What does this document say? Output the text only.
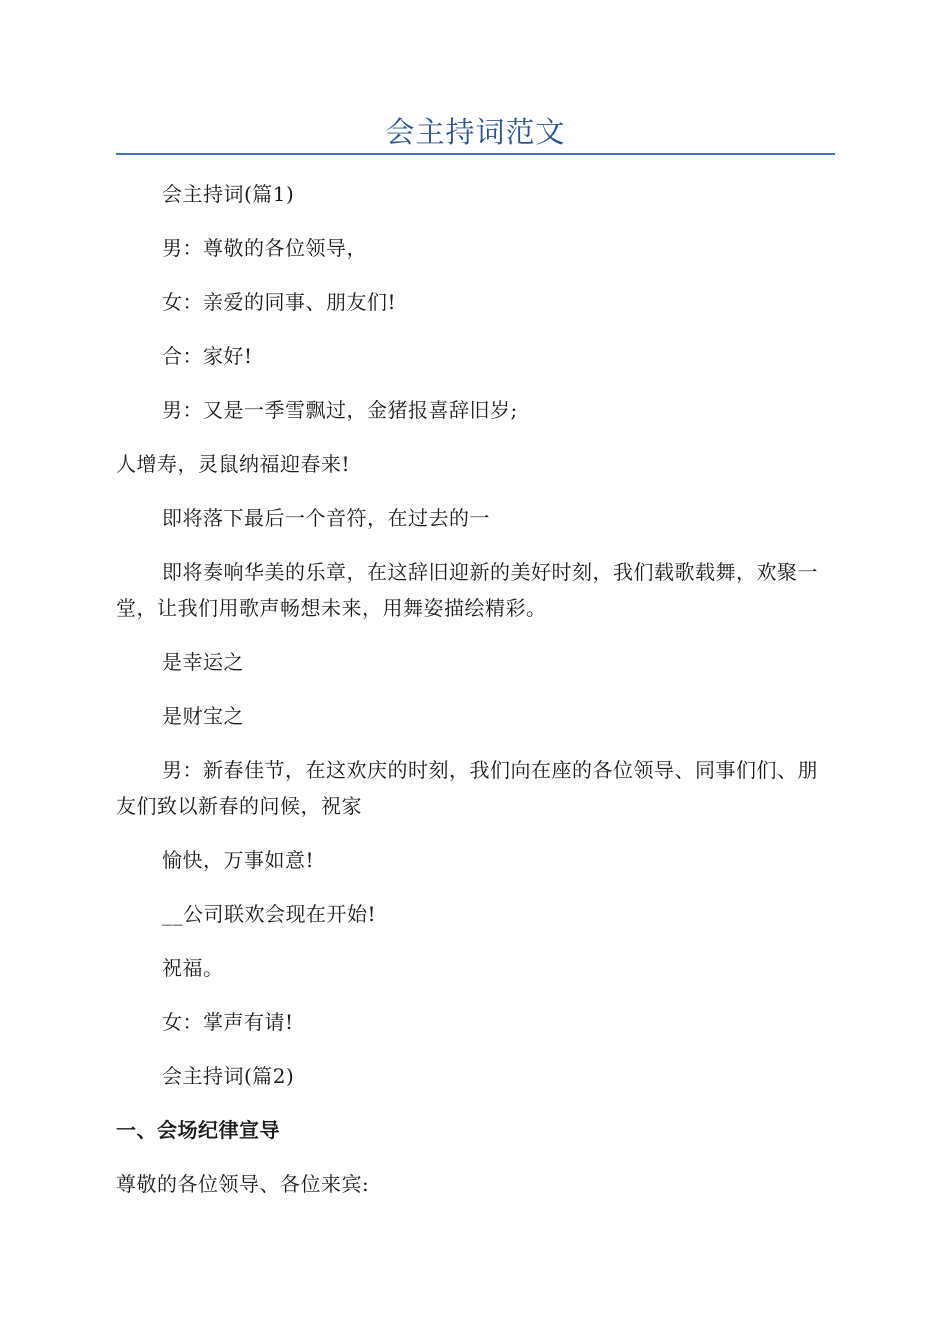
会主持词范文

会主持词(篇1)

男：尊敬的各位领导，

女：亲爱的同事、朋友们!

合：家好!

男：又是一季雪飘过，金猪报喜辞旧岁;

人增寿，灵鼠纳福迎春来!

即将落下最后一个音符，在过去的一

即将奏响华美的乐章，在这辞旧迎新的美好时刻，我们载歌载舞，欢聚一堂，让我们用歌声畅想未来，用舞姿描绘精彩。

是幸运之

是财宝之

男：新春佳节，在这欢庆的时刻，我们向在座的各位领导、同事们们、朋友们致以新春的问候，祝家

愉快，万事如意!

__公司联欢会现在开始!

祝福。

女：掌声有请!

会主持词(篇2)

一、会场纪律宣导

尊敬的各位领导、各位来宾:
